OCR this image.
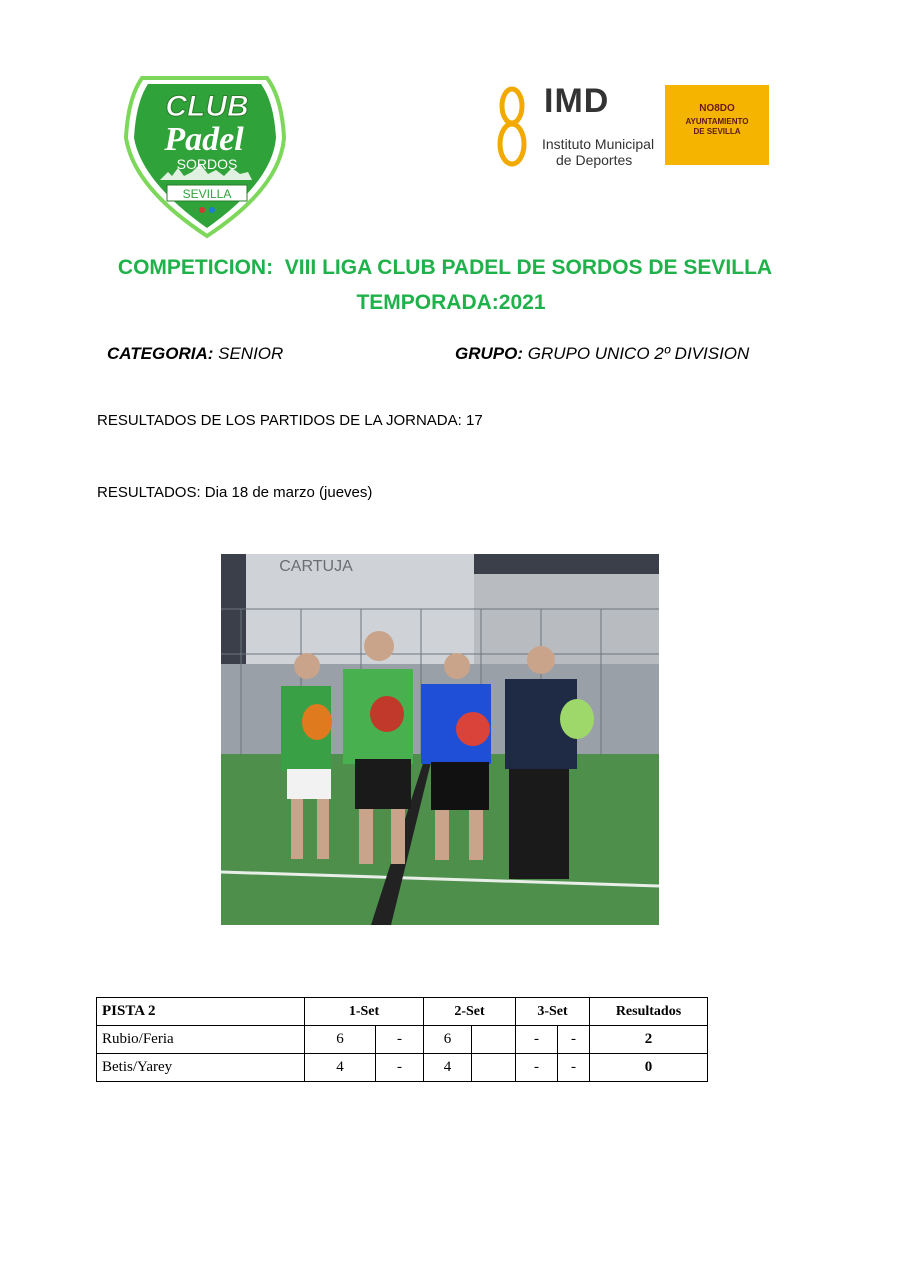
CLUB
Padel
SORDOS
SEVILLA
IMD
Instituto Municipal
de Deportes
NO8DO
AYUNTAMIENTO
DE SEVILLA
COMPETICION:  VIII LIGA CLUB PADEL DE SORDOS DE SEVILLA
TEMPORADA:2021
CATEGORIA: SENIOR	GRUPO: GRUPO UNICO 2º DIVISION
RESULTADOS DE LOS PARTIDOS DE LA JORNADA: 17
RESULTADOS: Dia 18 de marzo (jueves)
CARTUJA
PISTA 2	1-Set		2-Set		3-Set		Resultados
Rubio/Feria	6	-	6		-	-	2
Betis/Yarey	4	-	4		-	-	0
